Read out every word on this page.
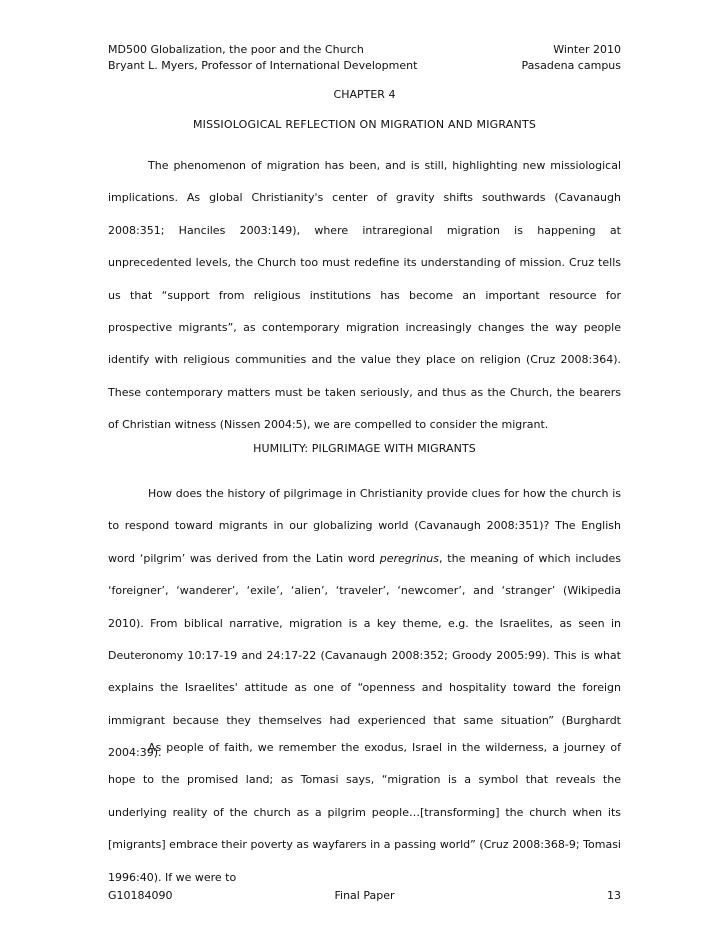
MD500 Globalization, the poor and the Church	Winter 2010
Bryant L. Myers, Professor of International Development	Pasadena campus
CHAPTER 4
MISSIOLOGICAL REFLECTION ON MIGRATION AND MIGRANTS

The phenomenon of migration has been, and is still, highlighting new missiological implications. As global Christianity's center of gravity shifts southwards (Cavanaugh 2008:351; Hanciles 2003:149), where intraregional migration is happening at unprecedented levels, the Church too must redefine its understanding of mission. Cruz tells us that “support from religious institutions has become an important resource for prospective migrants”, as contemporary migration increasingly changes the way people identify with religious communities and the value they place on religion (Cruz 2008:364). These contemporary matters must be taken seriously, and thus as the Church, the bearers of Christian witness (Nissen 2004:5), we are compelled to consider the migrant.

HUMILITY: PILGRIMAGE WITH MIGRANTS

How does the history of pilgrimage in Christianity provide clues for how the church is to respond toward migrants in our globalizing world (Cavanaugh 2008:351)? The English word ‘pilgrim’ was derived from the Latin word peregrinus, the meaning of which includes ‘foreigner’, ‘wanderer’, ‘exile’, ‘alien’, ‘traveler’, ‘newcomer’, and ‘stranger’ (Wikipedia 2010). From biblical narrative, migration is a key theme, e.g. the Israelites, as seen in Deuteronomy 10:17-19 and 24:17-22 (Cavanaugh 2008:352; Groody 2005:99). This is what explains the Israelites' attitude as one of “openness and hospitality toward the foreign immigrant because they themselves had experienced that same situation” (Burghardt 2004:39).

As people of faith, we remember the exodus, Israel in the wilderness, a journey of hope to the promised land; as Tomasi says, “migration is a symbol that reveals the underlying reality of the church as a pilgrim people…[transforming] the church when its [migrants] embrace their poverty as wayfarers in a passing world” (Cruz 2008:368-9; Tomasi 1996:40). If we were to

G10184090	Final Paper	13
